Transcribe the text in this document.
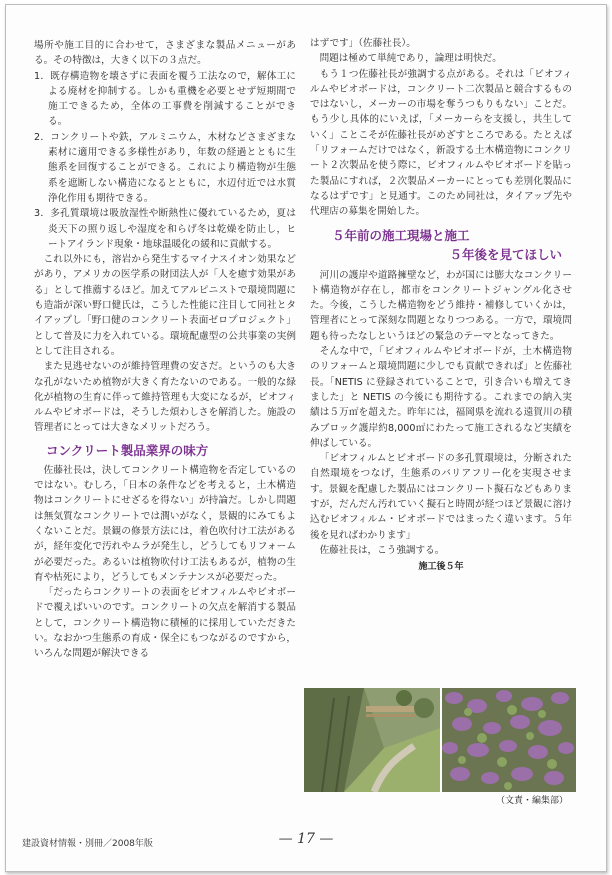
場所や施工目的に合わせて，さまざまな製品メニューがある。その特徴は，大きく以下の３点だ。

1．既存構造物を壊さずに表面を覆う工法なので，解体工による廃材を抑制する。しかも重機を必要とせず短期間で施工できるため，全体の工事費を削減することができる。

2．コンクリートや鉄，アルミニウム，木材などさまざまな素材に適用できる多様性があり，年数の経過とともに生態系を回復することができる。これにより構造物が生態系を遮断しない構造になるとともに，水辺付近では水質浄化作用も期待できる。

3．多孔質環境は吸放湿性や断熱性に優れているため，夏は炎天下の照り返しや湿度を和らげ冬は乾燥を防止し，ヒートアイランド現象・地球温暖化の緩和に貢献する。

これ以外にも，溶岩から発生するマイナスイオン効果などがあり，アメリカの医学系の財団法人が「人を癒す効果がある」として推薦するほど。加えてアルピニストで環境問題にも造詣が深い野口健氏は，こうした性能に注目して同社とタイアップし「野口健のコンクリート表面ゼロプロジェクト」として普及に力を入れている。環境配慮型の公共事業の実例として注目される。

また見逃せないのが維持管理費の安さだ。というのも大きな孔がないため植物が大きく育たないのである。一般的な緑化が植物の生育に伴って維持管理も大変になるが，ビオフィルムやビオボードは，そうした煩わしさを解消した。施設の管理者にとっては大きなメリットだろう。

コンクリート製品業界の味方

佐藤社長は，決してコンクリート構造物を否定しているのではない。むしろ，「日本の条件などを考えると，土木構造物はコンクリートにせざるを得ない」が持論だ。しかし問題は無気質なコンクリートでは潤いがなく，景観的にみてもよくないことだ。景観の修景方法には，着色吹付け工法があるが，経年変化で汚れやムラが発生し，どうしてもリフォームが必要だった。あるいは植物吹付け工法もあるが，植物の生育や枯死により，どうしてもメンテナンスが必要だった。

「だったらコンクリートの表面をビオフィルムやビオボードで覆えばいいのです。コンクリートの欠点を解消する製品として，コンクリート構造物に積極的に採用していただきたい。なおかつ生態系の育成・保全にもつながるのですから，いろんな問題が解決できる

はずです」（佐藤社長）。

問題は極めて単純であり，論理は明快だ。

もう１つ佐藤社長が強調する点がある。それは「ビオフィルムやビオボードは，コンクリート二次製品と競合するものではないし，メーカーの市場を奪うつもりもない」ことだ。もう少し具体的にいえば，「メーカーらを支援し，共生していく」ことこそが佐藤社長がめざすところである。たとえば「リフォームだけではなく，新設する土木構造物にコンクリート２次製品を使う際に，ビオフィルムやビオボードを貼った製品にすれば，２次製品メーカーにとっても差別化製品になるはずです」と見通す。このため同社は，タイアップ先や代理店の募集を開始した。

５年前の施工現場と施工
５年後を見てほしい

河川の護岸や道路擁壁など，わが国には膨大なコンクリート構造物が存在し，都市をコンクリートジャングル化させた。今後，こうした構造物をどう維持・補修していくかは，管理者にとって深刻な問題となりつつある。一方で，環境問題も待ったなしというほどの緊急のテーマとなってきた。

そんな中で，「ビオフィルムやビオボードが，土木構造物のリフォームと環境問題に少しでも貢献できれば」と佐藤社長。「NETIS に登録されていることで，引き合いも増えてきました」と NETIS の今後にも期待する。これまでの納入実績は５万㎡を超えた。昨年には，福岡県を流れる遠賀川の積みブロック護岸約8,000㎡にわたって施工されるなど実績を伸ばしている。

「ビオフィルムとビオボードの多孔質環境は，分断された自然環境をつなげ，生態系のバリアフリー化を実現させます。景観を配慮した製品にはコンクリート擬石などもありますが，だんだん汚れていく擬石と時間が経つほど景観に溶け込むビオフィルム・ビオボードではまったく違います。５年後を見ればわかります」

佐藤社長は，こう強調する。

施工後５年
（文責・編集部）
建設資材情報・別冊／2008年版	— 17 —
